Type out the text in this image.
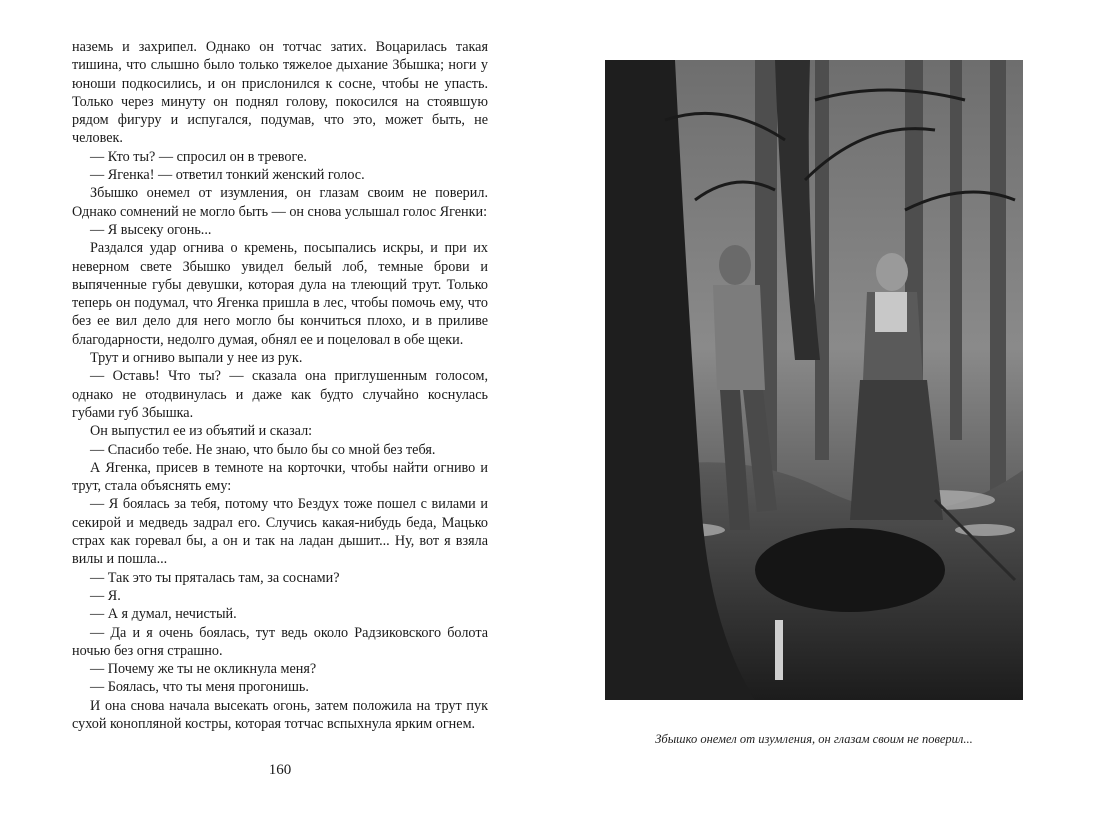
наземь и захрипел. Однако он тотчас затих. Воцарилась такая тишина, что слышно было только тяжелое дыхание Збышка; ноги у юноши подкосились, и он прислонился к сосне, чтобы не упасть. Только через минуту он поднял голову, покосился на стоявшую рядом фигуру и испугался, подумав, что это, может быть, не человек.

— Кто ты? — спросил он в тревоге.

— Ягенка! — ответил тонкий женский голос.

Збышко онемел от изумления, он глазам своим не поверил. Однако сомнений не могло быть — он снова услышал голос Ягенки:

— Я высеку огонь...

Раздался удар огнива о кремень, посыпались искры, и при их неверном свете Збышко увидел белый лоб, темные брови и выпяченные губы девушки, которая дула на тлеющий трут. Только теперь он подумал, что Ягенка пришла в лес, чтобы помочь ему, что без ее вил дело для него могло бы кончиться плохо, и в приливе благодарности, недолго думая, обнял ее и поцеловал в обе щеки.

Трут и огниво выпали у нее из рук.

— Оставь! Что ты? — сказала она приглушенным голосом, однако не отодвинулась и даже как будто случайно коснулась губами губ Збышка.

Он выпустил ее из объятий и сказал:

— Спасибо тебе. Не знаю, что было бы со мной без тебя.

А Ягенка, присев в темноте на корточки, чтобы найти огниво и трут, стала объяснять ему:

— Я боялась за тебя, потому что Бездух тоже пошел с вилами и секирой и медведь задрал его. Случись какая-нибудь беда, Мацько страх как горевал бы, а он и так на ладан дышит... Ну, вот я взяла вилы и пошла...

— Так это ты пряталась там, за соснами?

— Я.

— А я думал, нечистый.

— Да и я очень боялась, тут ведь около Радзиковского болота ночью без огня страшно.

— Почему же ты не окликнула меня?

— Боялась, что ты меня прогонишь.

И она снова начала высекать огонь, затем положила на трут пук сухой конопляной костры, которая тотчас вспыхнула ярким огнем.

160
Збышко онемел от изумления, он глазам своим не поверил...
